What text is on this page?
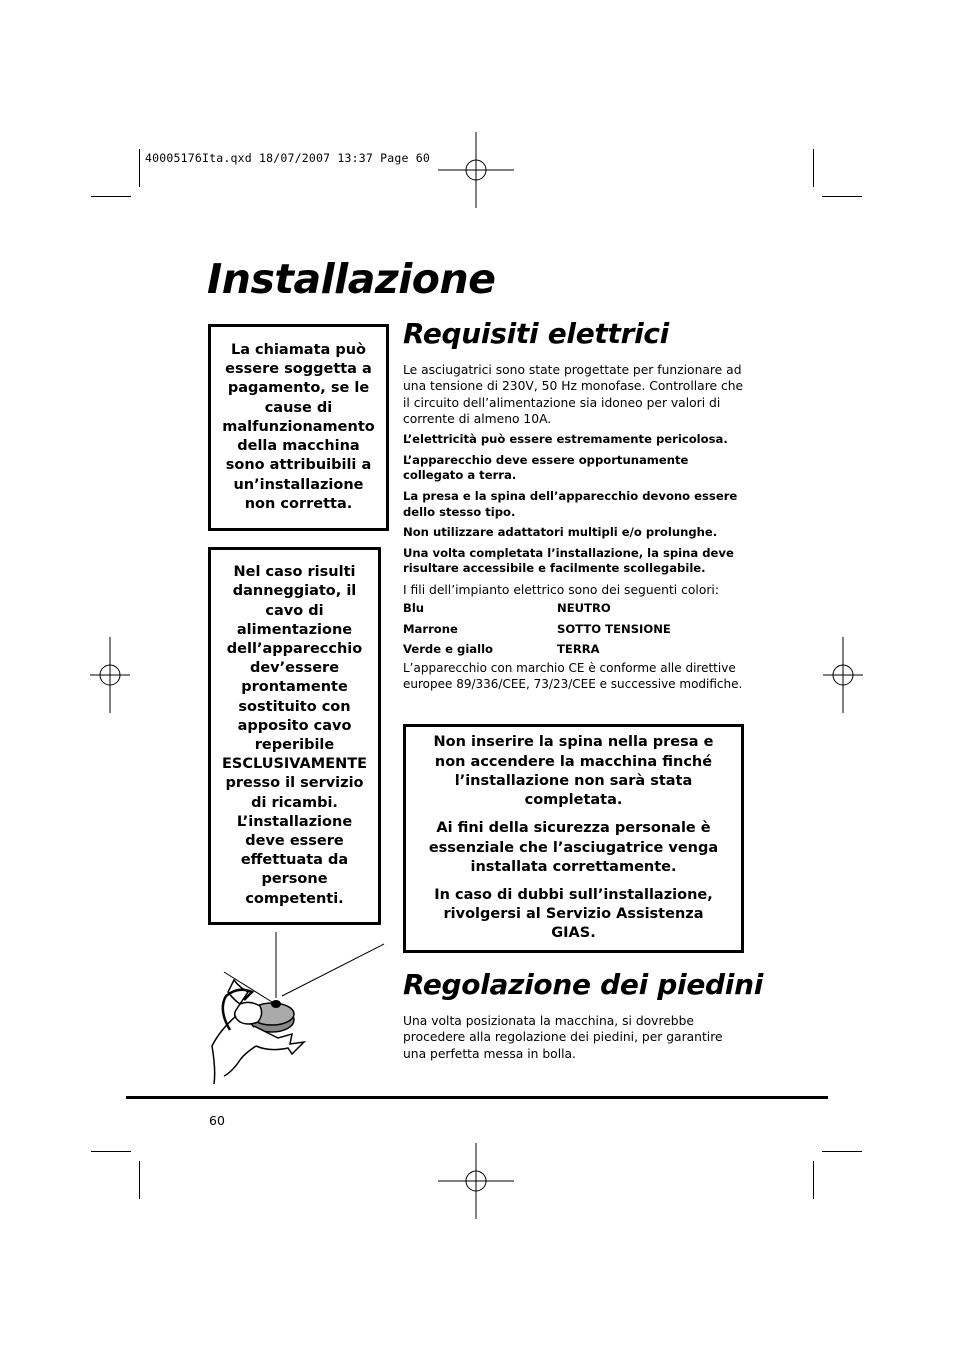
40005176Ita.qxd 18/07/2007 13:37 Page 60
Installazione

La chiamata può essere soggetta a pagamento, se le cause di malfunzionamento della macchina sono attribuibili a un’installazione non corretta.

Nel caso risulti danneggiato, il cavo di alimentazione dell’apparecchio dev’essere prontamente sostituito con apposito cavo reperibile ESCLUSIVAMENTE presso il servizio di ricambi. L’installazione deve essere effettuata da persone competenti.

Requisiti elettrici

Le asciugatrici sono state progettate per funzionare ad una tensione di 230V, 50 Hz monofase. Controllare che il circuito dell’alimentazione sia idoneo per valori di corrente di almeno 10A.

L’elettricità può essere estremamente pericolosa.

L’apparecchio deve essere opportunamente collegato a terra.

La presa e la spina dell’apparecchio devono essere dello stesso tipo.

Non utilizzare adattatori multipli e/o prolunghe.

Una volta completata l’installazione, la spina deve risultare accessibile e facilmente scollegabile.

I fili dell’impianto elettrico sono dei seguenti colori:

Blu	NEUTRO
Marrone	SOTTO TENSIONE
Verde e giallo	TERRA

L’apparecchio con marchio CE è conforme alle direttive europee 89/336/CEE, 73/23/CEE e successive modifiche.

Non inserire la spina nella presa e non accendere la macchina finché l’installazione non sarà stata completata.

Ai fini della sicurezza personale è essenziale che l’asciugatrice venga installata correttamente.

In caso di dubbi sull’installazione, rivolgersi al Servizio Assistenza GIAS.

Regolazione dei piedini
Una volta posizionata la macchina, si dovrebbe procedere alla regolazione dei piedini, per garantire una perfetta messa in bolla.
60
